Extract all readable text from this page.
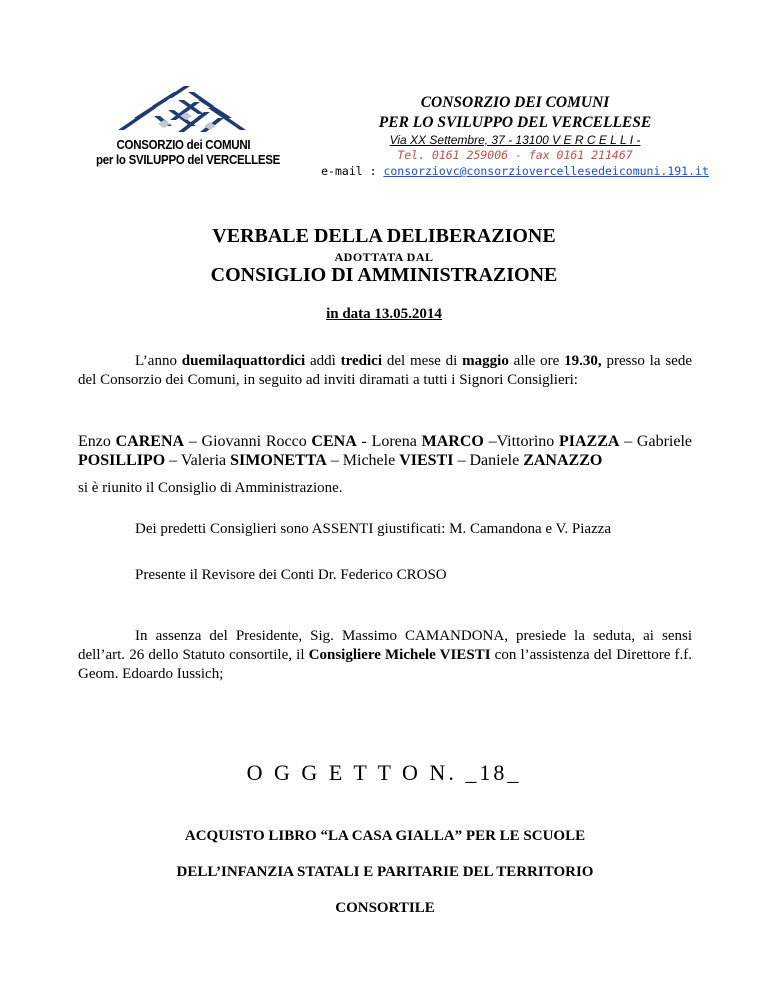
CONSORZIO dei COMUNI
per lo SVILUPPO del VERCELLESE
CONSORZIO DEI COMUNI
PER LO SVILUPPO DEL VERCELLESE
Via XX Settembre, 37 - 13100 V E R C E L L I -
Tel. 0161 259006 - fax 0161 211467
e-mail : consorziovc@consorziovercellesedeicomuni.191.it
VERBALE DELLA DELIBERAZIONE
ADOTTATA DAL
CONSIGLIO DI AMMINISTRAZIONE
in data 13.05.2014
L’anno duemilaquattordici addì tredici del mese di maggio alle ore 19.30, presso la sede del Consorzio dei Comuni, in seguito ad inviti diramati a tutti i Signori Consiglieri:
Enzo CARENA – Giovanni Rocco CENA - Lorena MARCO –Vittorino PIAZZA – Gabriele POSILLIPO – Valeria SIMONETTA – Michele VIESTI – Daniele ZANAZZO
si è riunito il Consiglio di Amministrazione.
Dei predetti Consiglieri sono ASSENTI giustificati: M. Camandona e V. Piazza
Presente il Revisore dei Conti Dr. Federico CROSO
In assenza del Presidente, Sig. Massimo CAMANDONA, presiede la seduta, ai sensi dell’art. 26 dello Statuto consortile, il Consigliere Michele VIESTI con l’assistenza del Direttore f.f. Geom. Edoardo Iussich;
O G G E T T O N. _18_
ACQUISTO LIBRO “LA CASA GIALLA” PER LE SCUOLE
DELL’INFANZIA STATALI E PARITARIE DEL TERRITORIO
CONSORTILE
